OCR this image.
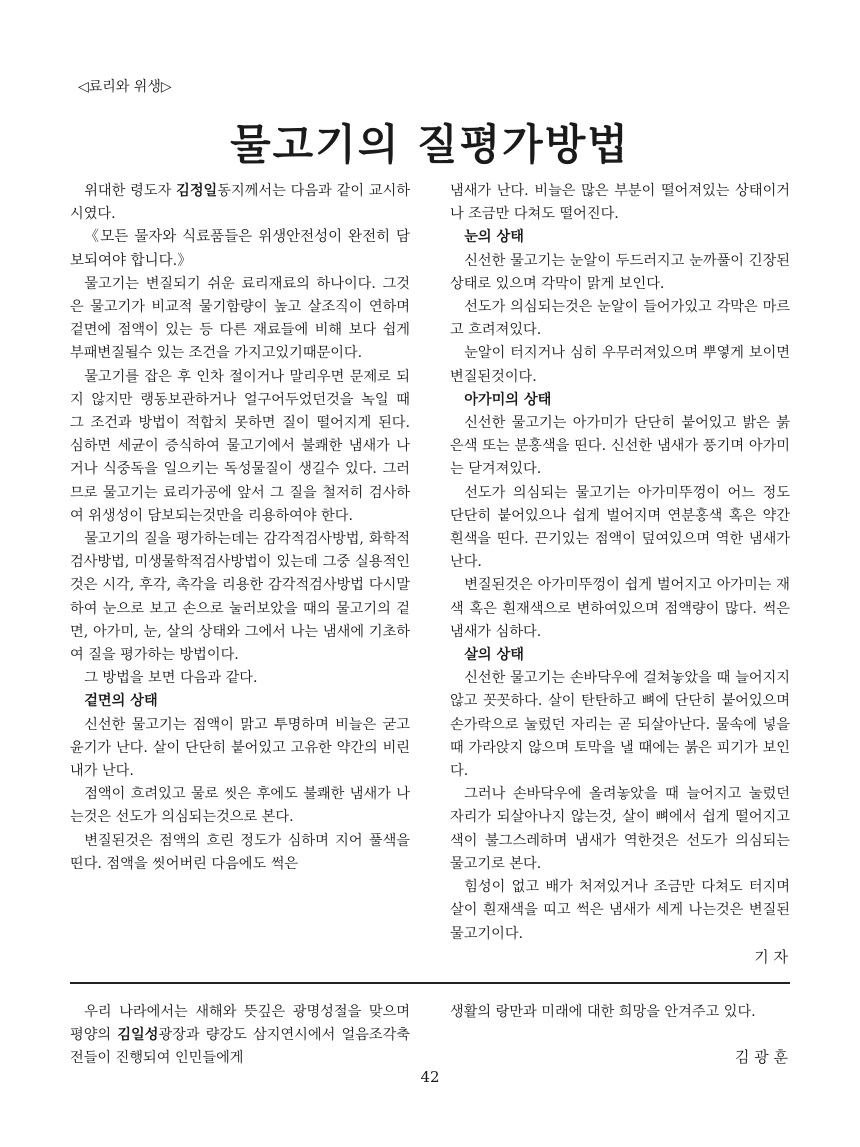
◁료리와 위생▷
물고기의 질평가방법

위대한 령도자 김정일동지께서는 다음과 같이 교시하시였다.

《모든 물자와 식료품들은 위생안전성이 완전히 담보되여야 합니다.》

물고기는 변질되기 쉬운 료리재료의 하나이다. 그것은 물고기가 비교적 물기함량이 높고 살조직이 연하며 겉면에 점액이 있는 등 다른 재료들에 비해 보다 쉽게 부패변질될수 있는 조건을 가지고있기때문이다.

물고기를 잡은 후 인차 절이거나 말리우면 문제로 되지 않지만 랭동보관하거나 얼구어두었던것을 녹일 때 그 조건과 방법이 적합치 못하면 질이 떨어지게 된다. 심하면 세균이 증식하여 물고기에서 불쾌한 냄새가 나거나 식중독을 일으키는 독성물질이 생길수 있다. 그러므로 물고기는 료리가공에 앞서 그 질을 철저히 검사하여 위생성이 담보되는것만을 리용하여야 한다.

물고기의 질을 평가하는데는 감각적검사방법, 화학적검사방법, 미생물학적검사방법이 있는데 그중 실용적인것은 시각, 후각, 촉각을 리용한 감각적검사방법 다시말하여 눈으로 보고 손으로 눌러보았을 때의 물고기의 겉면, 아가미, 눈, 살의 상태와 그에서 나는 냄새에 기초하여 질을 평가하는 방법이다.

그 방법을 보면 다음과 같다.

겉면의 상태

신선한 물고기는 점액이 맑고 투명하며 비늘은 굳고 윤기가 난다. 살이 단단히 붙어있고 고유한 약간의 비린내가 난다.

점액이 흐려있고 물로 씻은 후에도 불쾌한 냄새가 나는것은 선도가 의심되는것으로 본다.

변질된것은 점액의 흐린 정도가 심하며 지어 풀색을 띤다. 점액을 씻어버린 다음에도 썩은

냄새가 난다. 비늘은 많은 부분이 떨어져있는 상태이거나 조금만 다쳐도 떨어진다.

눈의 상태

신선한 물고기는 눈알이 두드러지고 눈까풀이 긴장된 상태로 있으며 각막이 맑게 보인다.

선도가 의심되는것은 눈알이 들어가있고 각막은 마르고 흐려져있다.

눈알이 터지거나 심히 우무러져있으며 뿌옇게 보이면 변질된것이다.

아가미의 상태

신선한 물고기는 아가미가 단단히 붙어있고 밝은 붉은색 또는 분홍색을 띤다. 신선한 냄새가 풍기며 아가미는 닫겨져있다.

선도가 의심되는 물고기는 아가미뚜껑이 어느 정도 단단히 붙어있으나 쉽게 벌어지며 연분홍색 혹은 약간 흰색을 띤다. 끈기있는 점액이 덮여있으며 역한 냄새가 난다.

변질된것은 아가미뚜껑이 쉽게 벌어지고 아가미는 재색 혹은 흰재색으로 변하여있으며 점액량이 많다. 썩은 냄새가 심하다.

살의 상태

신선한 물고기는 손바닥우에 걸쳐놓았을 때 늘어지지 않고 꼿꼿하다. 살이 탄탄하고 뼈에 단단히 붙어있으며 손가락으로 눌렀던 자리는 곧 되살아난다. 물속에 넣을 때 가라앉지 않으며 토막을 낼 때에는 붉은 피기가 보인다.

그러나 손바닥우에 올려놓았을 때 늘어지고 눌렀던 자리가 되살아나지 않는것, 살이 뼈에서 쉽게 떨어지고 색이 불그스레하며 냄새가 역한것은 선도가 의심되는 물고기로 본다.

힘성이 없고 배가 처져있거나 조금만 다쳐도 터지며 살이 흰재색을 띠고 썩은 냄새가 세게 나는것은 변질된 물고기이다.

기 자

우리 나라에서는 새해와 뜻깊은 광명성절을 맞으며 평양의 김일성광장과 량강도 삼지연시에서 얼음조각축전들이 진행되여 인민들에게

생활의 랑만과 미래에 대한 희망을 안겨주고 있다.

김 광 훈
42
